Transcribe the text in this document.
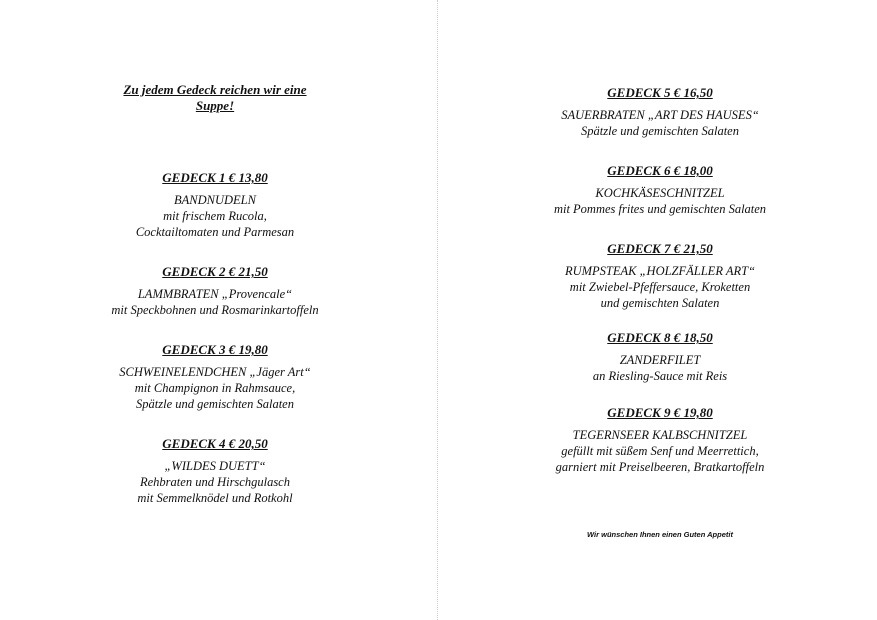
Zu jedem Gedeck reichen wir eine
Suppe!
GEDECK 1 € 13,80
BANDNUDELN
mit frischem Rucola,
Cocktailtomaten und Parmesan
GEDECK 2 € 21,50
LAMMBRATEN „Provencale“
mit Speckbohnen und Rosmarinkartoffeln
GEDECK 3 € 19,80
SCHWEINELENDCHEN „Jäger Art“
mit Champignon in Rahmsauce,
Spätzle und gemischten Salaten
GEDECK 4 € 20,50
„WILDES DUETT“
Rehbraten und Hirschgulasch
mit Semmelknödel und Rotkohl
GEDECK 5 € 16,50
SAUERBRATEN „ART DES HAUSES“
Spätzle und gemischten Salaten
GEDECK 6 € 18,00
KOCHKÄSESCHNITZEL
mit Pommes frites und gemischten Salaten
GEDECK 7 € 21,50
RUMPSTEAK „HOLZFÄLLER ART“
mit Zwiebel-Pfeffersauce, Kroketten
und gemischten Salaten
GEDECK 8 € 18,50
ZANDERFILET
an Riesling-Sauce mit Reis
GEDECK 9 € 19,80
TEGERNSEER KALBSCHNITZEL
gefüllt mit süßem Senf und Meerrettich,
garniert mit Preiselbeeren, Bratkartoffeln
Wir wünschen Ihnen einen Guten Appetit
